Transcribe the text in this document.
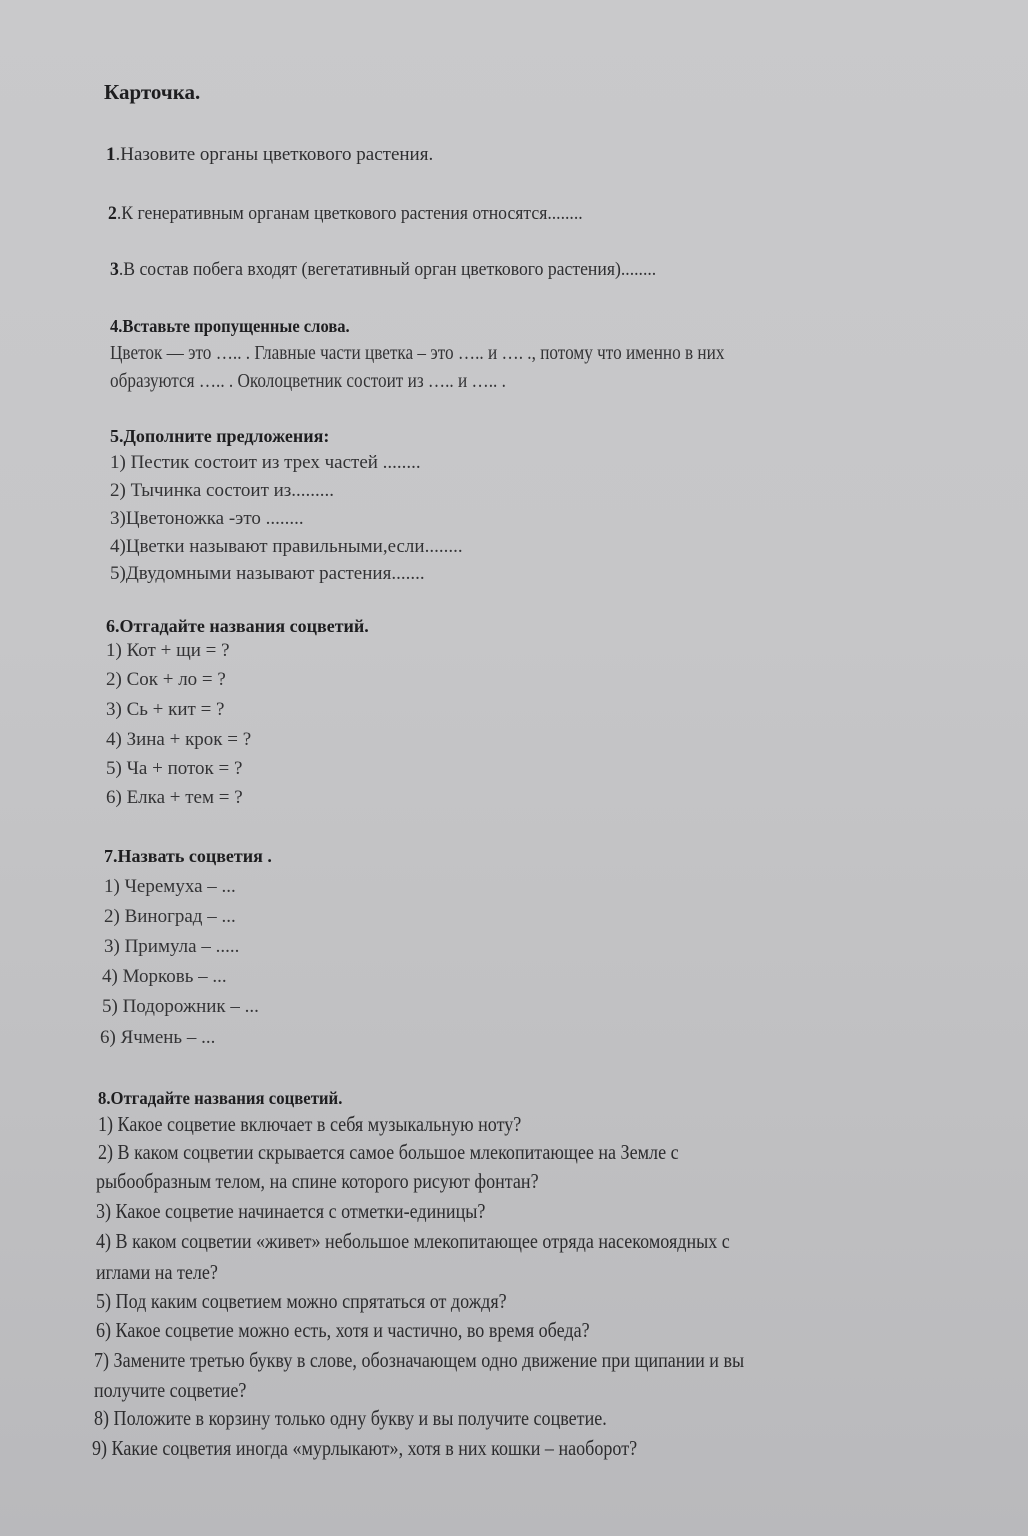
Карточка.
1.Назовите органы цветкового растения.
2.К генеративным органам цветкового растения относятся........
3.В состав побега входят (вегетативный орган цветкового растения)........
4.Вставьте пропущенные слова.
Цветок — это ….. . Главные части цветка – это ….. и …. ., потому что именно в них
образуются ….. . Околоцветник состоит из ….. и ….. .
5.Дополните предложения:
1) Пестик состоит из трех частей ........
2) Тычинка состоит из.........
3)Цветоножка -это ........
4)Цветки называют правильными,если........
5)Двудомными называют растения.......
6.Отгадайте названия соцветий.
1) Кот + щи = ?
2) Сок + ло = ?
3) Сь + кит = ?
4) Зина + крок = ?
5) Ча + поток = ?
6) Елка + тем = ?
7.Назвать соцветия .
1) Черемуха – ...
2) Виноград – ...
3) Примула – .....
4) Морковь – ...
5) Подорожник – ...
6) Ячмень – ...
8.Отгадайте названия соцветий.
1) Какое соцветие включает в себя музыкальную ноту?
2) В каком соцветии скрывается самое большое млекопитающее на Земле с
рыбообразным телом, на спине которого рисуют фонтан?
3) Какое соцветие начинается с отметки-единицы?
4) В каком соцветии «живет» небольшое млекопитающее отряда насекомоядных с
иглами на теле?
5) Под каким соцветием можно спрятаться от дождя?
6) Какое соцветие можно есть, хотя и частично, во время обеда?
7) Замените третью букву в слове, обозначающем одно движение при щипании и вы
получите соцветие?
8) Положите в корзину только одну букву и вы получите соцветие.
9) Какие соцветия иногда «мурлыкают», хотя в них кошки – наоборот?
